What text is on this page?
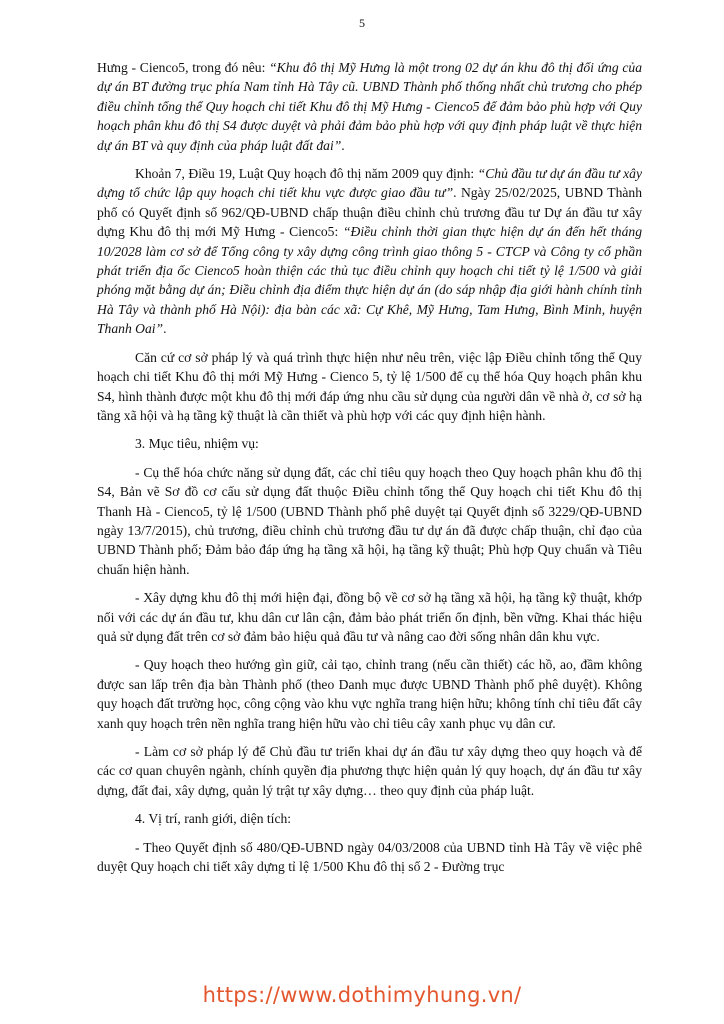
5

Hưng - Cienco5, trong đó nêu: “Khu đô thị Mỹ Hưng là một trong 02 dự án khu đô thị đối ứng của dự án BT đường trục phía Nam tỉnh Hà Tây cũ. UBND Thành phố thống nhất chủ trương cho phép điều chỉnh tổng thể Quy hoạch chi tiết Khu đô thị Mỹ Hưng - Cienco5 để đảm bảo phù hợp với Quy hoạch phân khu đô thị S4 được duyệt và phải đảm bảo phù hợp với quy định pháp luật về thực hiện dự án BT và quy định của pháp luật đất đai”.

Khoản 7, Điều 19, Luật Quy hoạch đô thị năm 2009 quy định: “Chủ đầu tư dự án đầu tư xây dựng tổ chức lập quy hoạch chi tiết khu vực được giao đầu tư”. Ngày 25/02/2025, UBND Thành phố có Quyết định số 962/QĐ-UBND chấp thuận điều chỉnh chủ trương đầu tư Dự án đầu tư xây dựng Khu đô thị mới Mỹ Hưng - Cienco5: “Điều chỉnh thời gian thực hiện dự án đến hết tháng 10/2028 làm cơ sở để Tổng công ty xây dựng công trình giao thông 5 - CTCP và Công ty cổ phần phát triển địa ốc Cienco5 hoàn thiện các thủ tục điều chỉnh quy hoạch chi tiết tỷ lệ 1/500 và giải phóng mặt bằng dự án; Điều chỉnh địa điểm thực hiện dự án (do sáp nhập địa giới hành chính tỉnh Hà Tây và thành phố Hà Nội): địa bàn các xã: Cự Khê, Mỹ Hưng, Tam Hưng, Bình Minh, huyện Thanh Oai”.

Căn cứ cơ sở pháp lý và quá trình thực hiện như nêu trên, việc lập Điều chỉnh tổng thể Quy hoạch chi tiết Khu đô thị mới Mỹ Hưng - Cienco 5, tỷ lệ 1/500 để cụ thể hóa Quy hoạch phân khu S4, hình thành được một khu đô thị mới đáp ứng nhu cầu sử dụng của người dân về nhà ở, cơ sở hạ tầng xã hội và hạ tầng kỹ thuật là cần thiết và phù hợp với các quy định hiện hành.

3. Mục tiêu, nhiệm vụ:

- Cụ thể hóa chức năng sử dụng đất, các chỉ tiêu quy hoạch theo Quy hoạch phân khu đô thị S4, Bản vẽ Sơ đồ cơ cấu sử dụng đất thuộc Điều chỉnh tổng thể Quy hoạch chi tiết Khu đô thị Thanh Hà - Cienco5, tỷ lệ 1/500 (UBND Thành phố phê duyệt tại Quyết định số 3229/QĐ-UBND ngày 13/7/2015), chủ trương, điều chỉnh chủ trương đầu tư dự án đã được chấp thuận, chỉ đạo của UBND Thành phố; Đảm bảo đáp ứng hạ tầng xã hội, hạ tầng kỹ thuật; Phù hợp Quy chuẩn và Tiêu chuẩn hiện hành.

- Xây dựng khu đô thị mới hiện đại, đồng bộ về cơ sở hạ tầng xã hội, hạ tầng kỹ thuật, khớp nối với các dự án đầu tư, khu dân cư lân cận, đảm bảo phát triển ổn định, bền vững. Khai thác hiệu quả sử dụng đất trên cơ sở đảm bảo hiệu quả đầu tư và nâng cao đời sống nhân dân khu vực.

- Quy hoạch theo hướng gìn giữ, cải tạo, chỉnh trang (nếu cần thiết) các hồ, ao, đầm không được san lấp trên địa bàn Thành phố (theo Danh mục được UBND Thành phố phê duyệt). Không quy hoạch đất trường học, công cộng vào khu vực nghĩa trang hiện hữu; không tính chỉ tiêu đất cây xanh quy hoạch trên nền nghĩa trang hiện hữu vào chỉ tiêu cây xanh phục vụ dân cư.

- Làm cơ sở pháp lý để Chủ đầu tư triển khai dự án đầu tư xây dựng theo quy hoạch và để các cơ quan chuyên ngành, chính quyền địa phương thực hiện quản lý quy hoạch, dự án đầu tư xây dựng, đất đai, xây dựng, quản lý trật tự xây dựng… theo quy định của pháp luật.

4. Vị trí, ranh giới, diện tích:

- Theo Quyết định số 480/QĐ-UBND ngày 04/03/2008 của UBND tỉnh Hà Tây về việc phê duyệt Quy hoạch chi tiết xây dựng tỉ lệ 1/500 Khu đô thị số 2 - Đường trục

https://www.dothimyhung.vn/
